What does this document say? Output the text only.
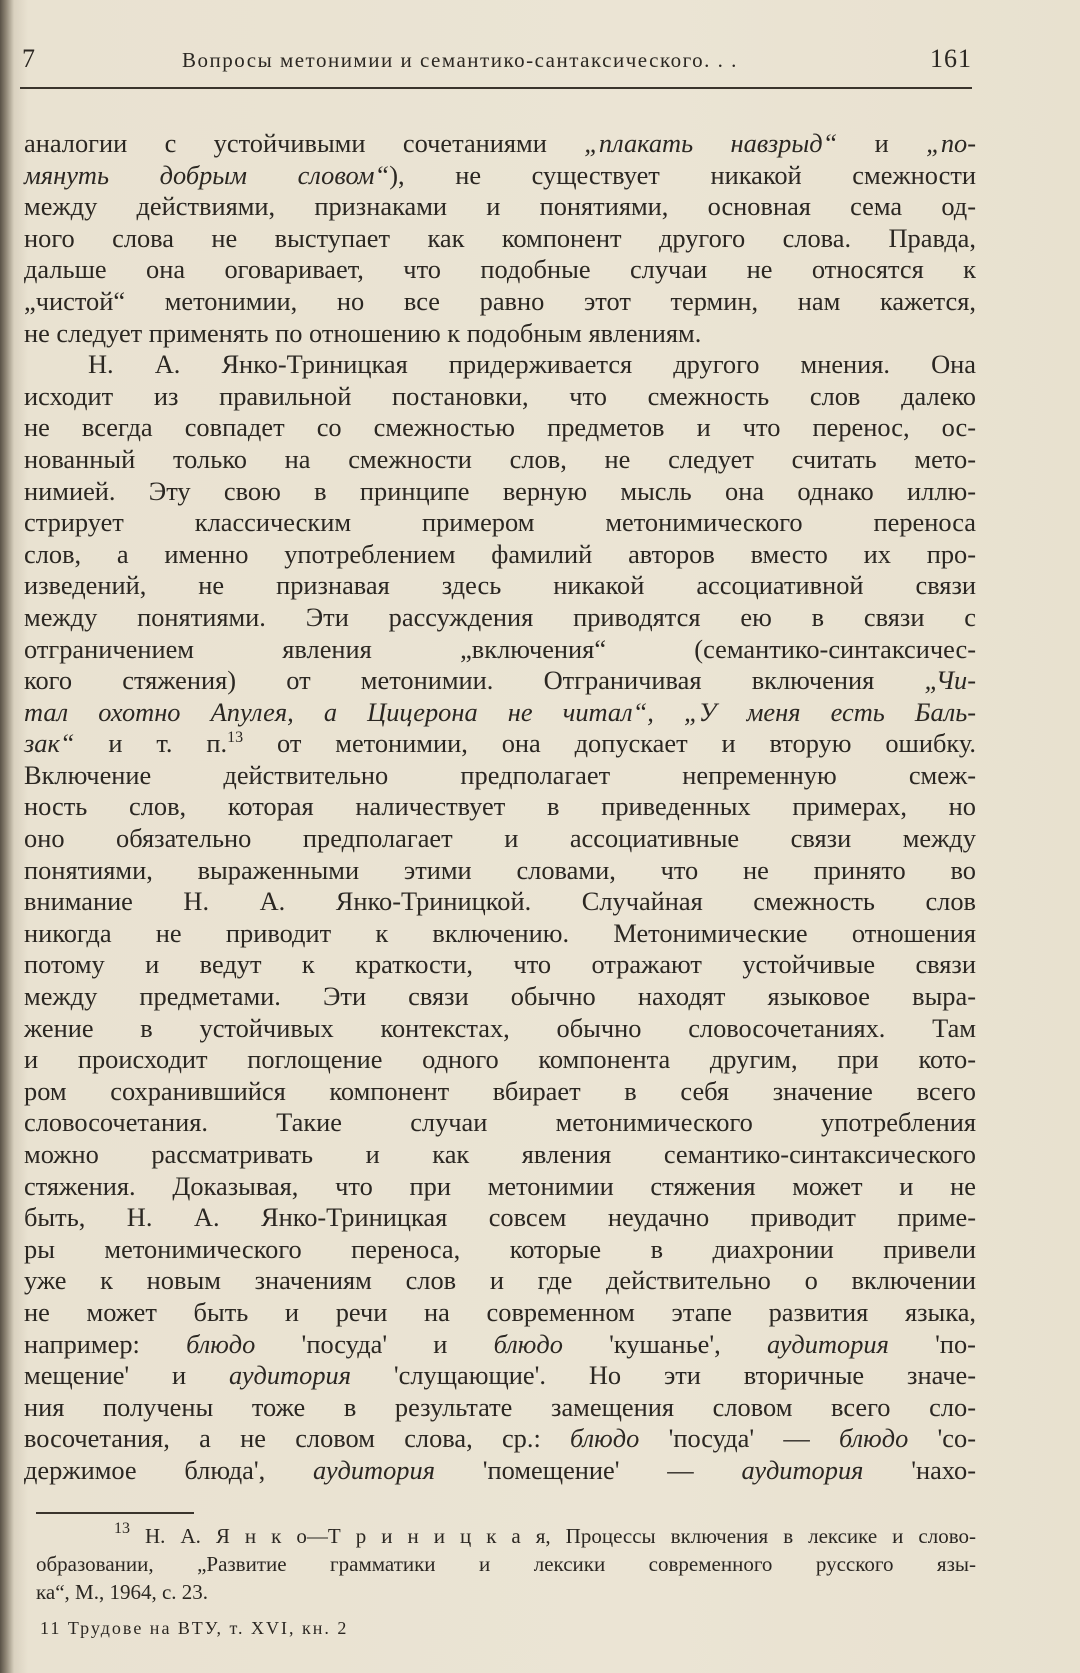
7	Вопросы метонимии и семантико-сантаксического. . .	161
аналогии с устойчивыми сочетаниями „плакать навзрыд“ и „по-
мянуть добрым словом“), не существует никакой смежности
между действиями, признаками и понятиями, основная сема од-
ного слова не выступает как компонент другого слова. Правда,
дальше она оговаривает, что подобные случаи не относятся к
„чистой“ метонимии, но все равно этот термин, нам кажется,
не следует применять по отношению к подобным явлениям.
Н. А. Янко-Триницкая придерживается другого мнения. Она
исходит из правильной постановки, что смежность слов далеко
не всегда совпадет со смежностью предметов и что перенос, ос-
нованный только на смежности слов, не следует считать мето-
нимией. Эту свою в принципе верную мысль она однако иллю-
стрирует классическим примером метонимического переноса
слов, а именно употреблением фамилий авторов вместо их про-
изведений, не признавая здесь никакой ассоциативной связи
между понятиями. Эти рассуждения приводятся ею в связи с
отграничением явления „включения“ (семантико-синтаксичес-
кого стяжения) от метонимии. Отграничивая включения „Чи-
тал охотно Апулея, а Цицерона не читал“, „У меня есть Баль-
зак“ и т. п.$^{13}$ от метонимии, она допускает и вторую ошибку.
Включение действительно предполагает непременную смеж-
ность слов, которая наличествует в приведенных примерах, но
оно обязательно предполагает и ассоциативные связи между
понятиями, выраженными этими словами, что не принято во
внимание Н. А. Янко-Триницкой. Случайная смежность слов
никогда не приводит к включению. Метонимические отношения
потому и ведут к краткости, что отражают устойчивые связи
между предметами. Эти связи обычно находят языковое выра-
жение в устойчивых контекстах, обычно словосочетаниях. Там
и происходит поглощение одного компонента другим, при кото-
ром сохранившийся компонент вбирает в себя значение всего
словосочетания. Такие случаи метонимического употребления
можно рассматривать и как явления семантико-синтаксического
стяжения. Доказывая, что при метонимии стяжения может и не
быть, Н. А. Янко-Триницкая совсем неудачно приводит приме-
ры метонимического переноса, которые в диахронии привели
уже к новым значениям слов и где действительно о включении
не может быть и речи на современном этапе развития языка,
например: блюдо 'посуда' и блюдо 'кушанье', аудитория 'по-
мещение' и аудитория 'слущающие'. Но эти вторичные значе-
ния получены тоже в результате замещения словом всего сло-
восочетания, а не словом слова, ср.: блюдо 'посуда' — блюдо 'со-
держимое блюда', аудитория 'помещение' — аудитория 'нахо-
$^{13}$ Н. А. Я н к о—Т р и н и ц к а я, Процессы включения в лексике и слово-
образовании, „Развитие грамматики и лексики современного русского язы-
ка“, М., 1964, с. 23.
11 Трудове на ВТУ, т. XVI, кн. 2
